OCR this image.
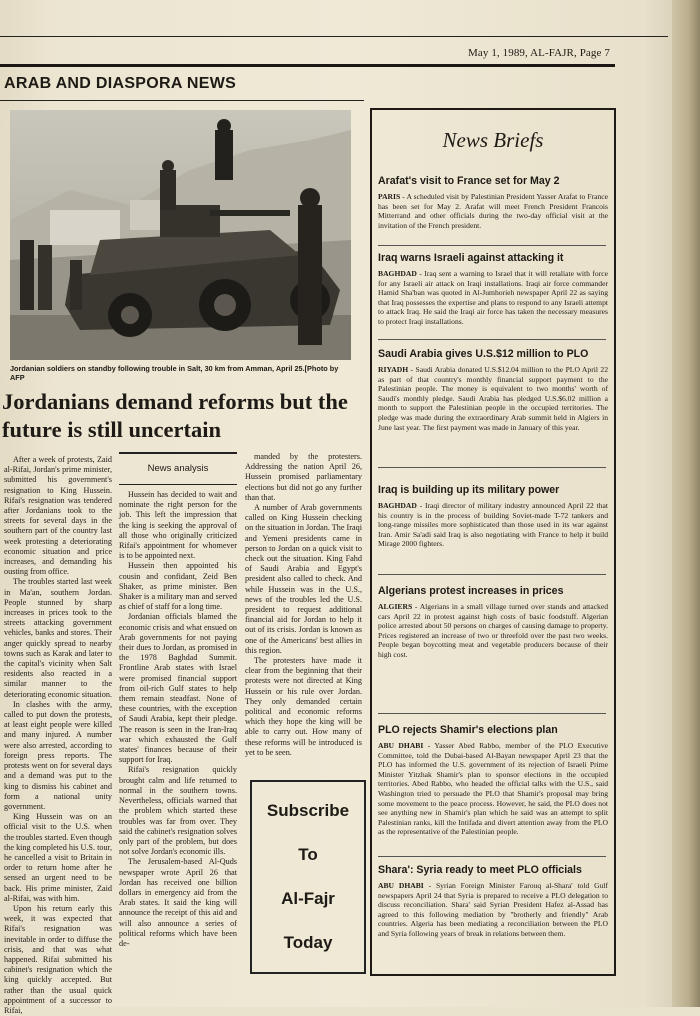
May 1, 1989, AL-FAJR, Page 7
ARAB AND DIASPORA NEWS
Jordanian soldiers on standby following trouble in Salt, 30 km from Amman, April 25.[Photo by AFP
Jordanians demand reforms but the future is still uncertain

After a week of protests, Zaid al-Rifai, Jordan's prime minister, submitted his government's resignation to King Hussein. Rifai's resignation was tendered after Jordanians took to the streets for several days in the southern part of the country last week protesting a deteriorating economic situation and price increases, and demanding his ousting from office.

The troubles started last week in Ma'an, southern Jordan. People stunned by sharp increases in prices took to the streets attacking government vehicles, banks and stores. Their anger quickly spread to nearby towns such as Karak and later to the capital's vicinity when Salt residents also reacted in a similar manner to the deteriorating economic situation.

In clashes with the army, called to put down the protests, at least eight people were killed and many injured. A number were also arrested, according to foreign press reports. The protests went on for several days and a demand was put to the king to dismiss his cabinet and form a national unity government.

King Hussein was on an official visit to the U.S. when the troubles started. Even though the king completed his U.S. tour, he cancelled a visit to Britain in order to return home after he sensed an urgent need to be back. His prime minister, Zaid al-Rifai, was with him.

Upon his return early this week, it was expected that Rifai's resignation was inevitable in order to diffuse the crisis, and that was what happened. Rifai submitted his cabinet's resignation which the king quickly accepted. But rather than the usual quick appointment of a successor to Rifai,

News analysis

Hussein has decided to wait and nominate the right person for the job. This left the impression that the king is seeking the approval of all those who originally criticized Rifai's appointment for whomever is to be appointed next.

Hussein then appointed his cousin and confidant, Zeid Ben Shaker, as prime minister. Ben Shaker is a military man and served as chief of staff for a long time.

Jordanian officials blamed the economic crisis and what ensued on Arab governments for not paying their dues to Jordan, as promised in the 1978 Baghdad Summit. Frontline Arab states with Israel were promised financial support from oil-rich Gulf states to help them remain steadfast. None of these countries, with the exception of Saudi Arabia, kept their pledge. The reason is seen in the Iran-Iraq war which exhausted the Gulf states' finances because of their support for Iraq.

Rifai's resignation quickly brought calm and life returned to normal in the southern towns. Nevertheless, officials warned that the problem which started these troubles was far from over. They said the cabinet's resignation solves only part of the problem, but does not solve Jordan's economic ills.

The Jerusalem-based Al-Quds newspaper wrote April 26 that Jordan has received one billion dollars in emergency aid from the Arab states. It said the king will announce the receipt of this aid and will also announce a series of political reforms which have been de-

manded by the protesters. Addressing the nation April 26, Hussein promised parliamentary elections but did not go any further than that.

A number of Arab governments called on King Hussein checking on the situation in Jordan. The Iraqi and Yemeni presidents came in person to Jordan on a quick visit to check out the situation. King Fahd of Saudi Arabia and Egypt's president also called to check. And while Hussein was in the U.S., news of the troubles led the U.S. president to request additional financial aid for Jordan to help it out of its crisis. Jordan is known as one of the Americans' best allies in this region.

The protesters have made it clear from the beginning that their protests were not directed at King Hussein or his rule over Jordan. They only demanded certain political and economic reforms which they hope the king will be able to carry out. How many of these reforms will be introduced is yet to be seen.

Subscribe
To
Al-Fajr
Today
News Briefs
Arafat's visit to France set for May 2

PARIS - A scheduled visit by Palestinian President Yasser Arafat to France has been set for May 2. Arafat will meet French President Francois Mitterrand and other officials during the two-day official visit at the invitation of the French president.

Iraq warns Israeli against attacking it

BAGHDAD - Iraq sent a warning to Israel that it will retaliate with force for any Israeli air attack on Iraqi installations. Iraqi air force commander Hamid Sha'ban was quoted in Al-Jumhorieh newspaper April 22 as saying that Iraq possesses the expertise and plans to respond to any Israeli attempt to attack Iraq. He said the Iraqi air force has taken the necessary measures to protect Iraqi installations.

Saudi Arabia gives U.S.$12 million to PLO

RIYADH - Saudi Arabia donated U.S.$12.04 million to the PLO April 22 as part of that country's monthly financial support payment to the Palestinian people. The money is equivalent to two months' worth of Saudi's monthly pledge. Saudi Arabia has pledged U.S.$6.02 million a month to support the Palestinian people in the occupied territories. The pledge was made during the extraordinary Arab summit held in Algiers in June last year. The first payment was made in January of this year.

Iraq is building up its military power

BAGHDAD - Iraqi director of military industry announced April 22 that his country is in the process of building Soviet-made T-72 tankers and long-range missiles more sophisticated than those used in its war against Iran. Amir Sa'adi said Iraq is also negotiating with France to help it build Mirage 2000 fighters.

Algerians protest increases in prices

ALGIERS - Algerians in a small village turned over stands and attacked cars April 22 in protest against high costs of basic foodstuff. Algerian police arrested about 50 persons on charges of causing damage to property. Prices registered an increase of two or threefold over the past two weeks. People began boycotting meat and vegetable producers because of their high cost.

PLO rejects Shamir's elections plan

ABU DHABI - Yasser Abed Rabbo, member of the PLO Executive Committee, told the Dubai-based Al-Bayan newspaper April 23 that the PLO has informed the U.S. government of its rejection of Israeli Prime Minister Yitzhak Shamir's plan to sponsor elections in the occupied territories. Abed Rabbo, who headed the official talks with the U.S., said Washington tried to persuade the PLO that Shamir's proposal may bring some movement to the peace process. However, he said, the PLO does not see anything new in Shamir's plan which he said was an attempt to split Palestinian ranks, kill the Intifada and divert attention away from the PLO as the representative of the Palestinian people.

Shara': Syria ready to meet PLO officials

ABU DHABI - Syrian Foreign Minister Farouq al-Shara' told Gulf newspapers April 24 that Syria is prepared to receive a PLO delegation to discuss reconciliation. Shara' said Syrian President Hafez al-Assad has agreed to this following mediation by "brotherly and friendly" Arab countries. Algeria has been mediating a reconciliation between the PLO and Syria following years of break in relations between them.
